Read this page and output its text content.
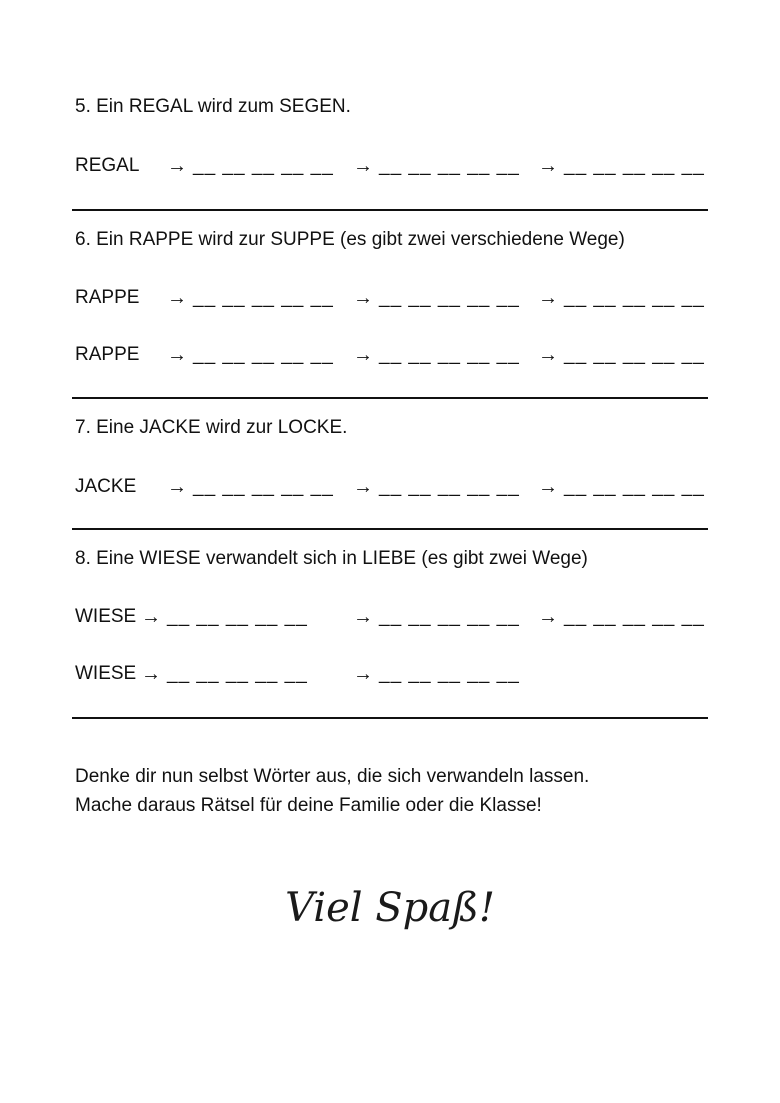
5. Ein REGAL wird zum SEGEN.
REGAL → __ __ __ __ __ → __ __ __ __ __ → __ __ __ __ __
6. Ein RAPPE wird zur SUPPE (es gibt zwei verschiedene Wege)
RAPPE → __ __ __ __ __ → __ __ __ __ __ → __ __ __ __ __
RAPPE → __ __ __ __ __ → __ __ __ __ __ → __ __ __ __ __
7. Eine JACKE wird zur LOCKE.
JACKE → __ __ __ __ __ → __ __ __ __ __ → __ __ __ __ __
8. Eine WIESE verwandelt sich in LIEBE (es gibt zwei Wege)
WIESE → __ __ __ __ __ → __ __ __ __ __ → __ __ __ __ __
WIESE → __ __ __ __ __ → __ __ __ __ __
Denke dir nun selbst Wörter aus, die sich verwandeln lassen.
Mache daraus Rätsel für deine Familie oder die Klasse!
Viel Spaß!
